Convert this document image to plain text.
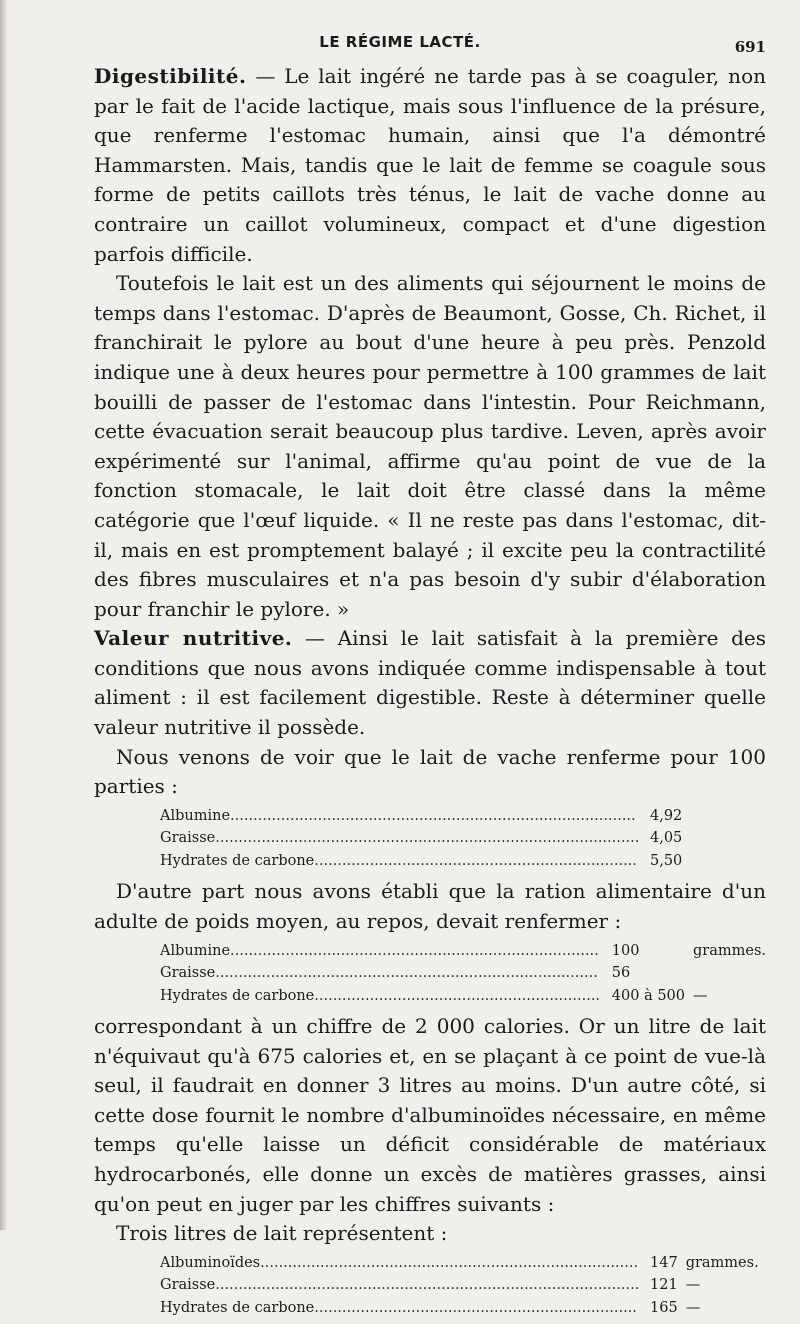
LE RÉGIME LACTÉ.	691

Digestibilité. — Le lait ingéré ne tarde pas à se coaguler, non par le fait de l'acide lactique, mais sous l'influence de la présure, que renferme l'estomac humain, ainsi que l'a démontré Hammarsten. Mais, tandis que le lait de femme se coagule sous forme de petits caillots très ténus, le lait de vache donne au contraire un caillot volumineux, compact et d'une digestion parfois difficile.

Toutefois le lait est un des aliments qui séjournent le moins de temps dans l'estomac. D'après de Beaumont, Gosse, Ch. Richet, il franchirait le pylore au bout d'une heure à peu près. Penzold indique une à deux heures pour permettre à 100 grammes de lait bouilli de passer de l'estomac dans l'intestin. Pour Reichmann, cette évacuation serait beaucoup plus tardive. Leven, après avoir expérimenté sur l'animal, affirme qu'au point de vue de la fonction stomacale, le lait doit être classé dans la même catégorie que l'œuf liquide. « Il ne reste pas dans l'estomac, dit-il, mais en est promptement balayé ; il excite peu la contractilité des fibres musculaires et n'a pas besoin d'y subir d'élaboration pour franchir le pylore. »

Valeur nutritive. — Ainsi le lait satisfait à la première des conditions que nous avons indiquée comme indispensable à tout aliment : il est facilement digestible. Reste à déterminer quelle valeur nutritive il possède.

Nous venons de voir que le lait de vache renferme pour 100 parties :

Albumine........................................................................................	4,92	
Graisse............................................................................................	4,05	
Hydrates de carbone......................................................................	5,50	

D'autre part nous avons établi que la ration alimentaire d'un adulte de poids moyen, au repos, devait renfermer :

Albumine................................................................................	100	grammes.
Graisse...................................................................................	56	
Hydrates de carbone..............................................................	400 à 500	—

correspondant à un chiffre de 2 000 calories. Or un litre de lait n'équivaut qu'à 675 calories et, en se plaçant à ce point de vue-là seul, il faudrait en donner 3 litres au moins. D'un autre côté, si cette dose fournit le nombre d'albuminoïdes nécessaire, en même temps qu'elle laisse un déficit considérable de matériaux hydrocarbonés, elle donne un excès de matières grasses, ainsi qu'on peut en juger par les chiffres suivants :

Trois litres de lait représentent :

Albuminoïdes..................................................................................	147	grammes.
Graisse............................................................................................	121	—
Hydrates de carbone......................................................................	165	—
